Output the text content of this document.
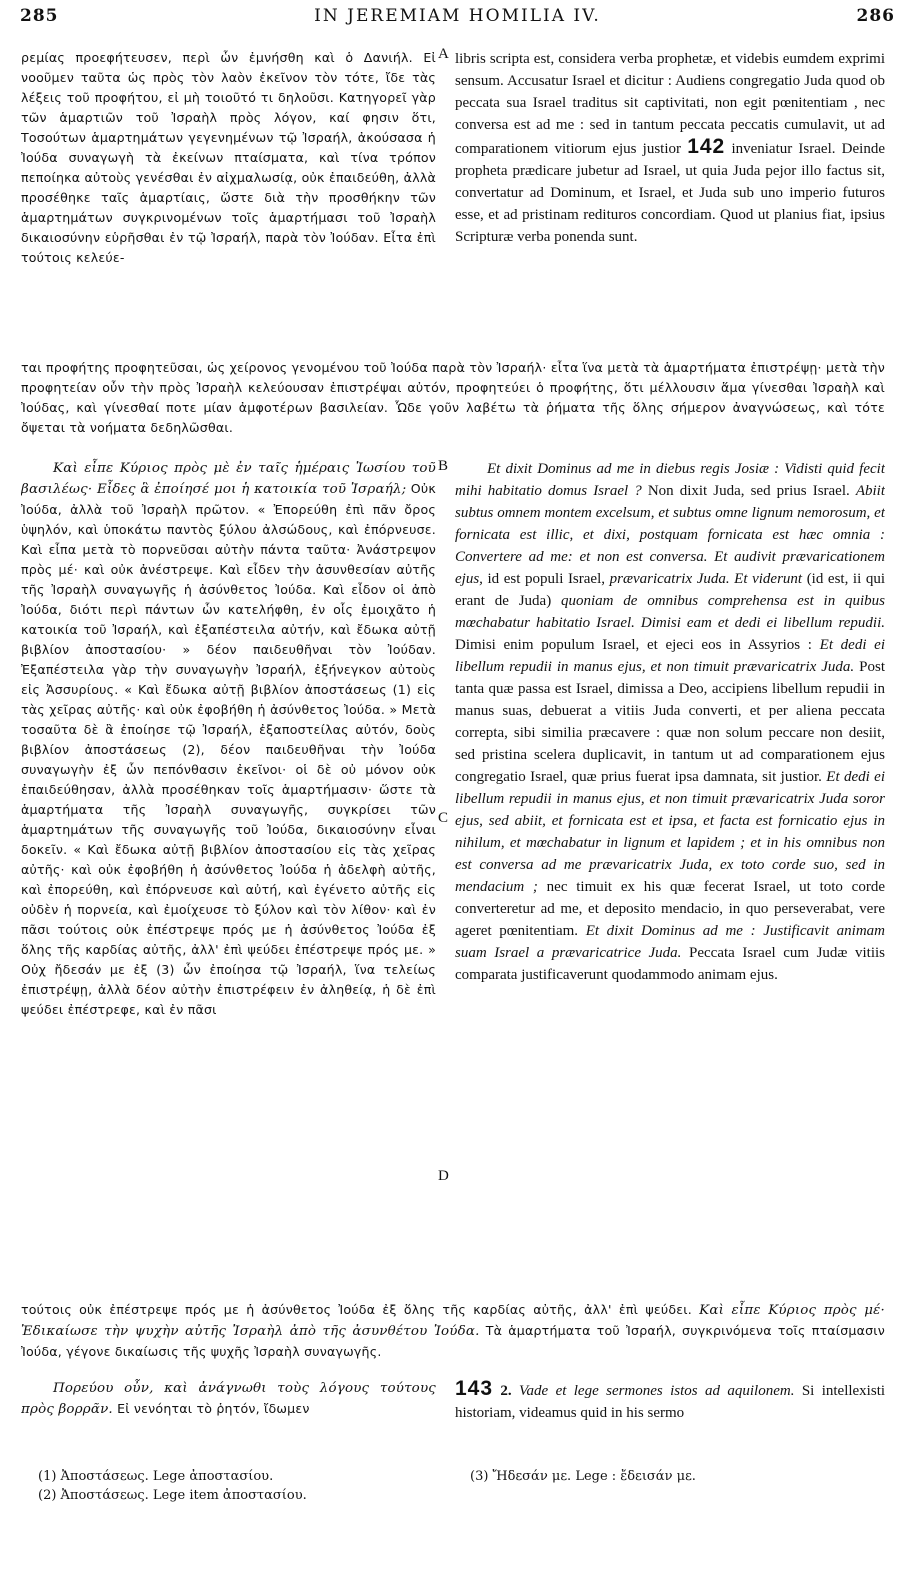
285	IN JEREMIAM HOMILIA IV.	286

ρεμίας προεφήτευσεν, περὶ ὧν ἐμνήσθη καὶ ὁ Δανιήλ. Εἰ νοοῦμεν ταῦτα ὡς πρὸς τὸν λαὸν ἐκεῖνον τὸν τότε, ἴδε τὰς λέξεις τοῦ προφήτου, εἰ μὴ τοιοῦτό τι δηλοῦσι. Κατηγορεῖ γὰρ τῶν ἁμαρτιῶν τοῦ Ἰσραὴλ πρὸς λόγον, καί φησιν ὅτι, Τοσούτων ἁμαρτημάτων γεγενημένων τῷ Ἰσραήλ, ἀκούσασα ἡ Ἰούδα συναγωγὴ τὰ ἐκείνων πταίσματα, καὶ τίνα τρόπον πεποίηκα αὐτοὺς γενέσθαι ἐν αἰχμαλωσίᾳ, οὐκ ἐπαιδεύθη, ἀλλὰ προσέθηκε ταῖς ἁμαρτίαις, ὥστε διὰ τὴν προσθήκην τῶν ἁμαρτημάτων συγκρινομένων τοῖς ἁμαρτήμασι τοῦ Ἰσραὴλ δικαιοσύνην εὑρῆσθαι ἐν τῷ Ἰσραήλ, παρὰ τὸν Ἰούδαν. Εἶτα ἐπὶ τούτοις κελεύε-

A libris scripta est, considera verba prophetæ, et videbis eumdem exprimi sensum. Accusatur Israel et dicitur : Audiens congregatio Juda quod ob peccata sua Israel traditus sit captivitati, non egit pœnitentiam , nec conversa est ad me : sed in tantum peccata peccatis cumulavit, ut ad comparationem vitiorum ejus justior 142 inveniatur Israel. Deinde propheta prædicare jubetur ad Israel, ut quia Juda pejor illo factus sit, convertatur ad Dominum, et Israel, et Juda sub uno imperio futuros esse, et ad pristinam redituros concordiam. Quod ut planius fiat, ipsius Scripturæ verba ponenda sunt.

ται προφήτης προφητεῦσαι, ὡς χείρονος γενομένου τοῦ Ἰούδα παρὰ τὸν Ἰσραήλ· εἶτα ἵνα μετὰ τὰ ἁμαρτήματα ἐπιστρέψῃ· μετὰ τὴν προφητείαν οὖν τὴν πρὸς Ἰσραὴλ κελεύουσαν ἐπιστρέψαι αὐτόν, προφητεύει ὁ προφήτης, ὅτι μέλλουσιν ἅμα γίνεσθαι Ἰσραὴλ καὶ Ἰούδας, καὶ γίνεσθαί ποτε μίαν ἀμφοτέρων βασιλείαν. Ὧδε γοῦν λαβέτω τὰ ῥήματα τῆς ὅλης σήμερον ἀναγνώσεως, καὶ τότε ὄψεται τὰ νοήματα δεδηλῶσθαι.

Καὶ εἶπε Κύριος πρὸς μὲ ἐν ταῖς ἡμέραις Ἰωσίου τοῦ βασιλέως· Εἶδες ἃ ἐποίησέ μοι ἡ κατοικία τοῦ Ἰσραήλ; Οὐκ Ἰούδα, ἀλλὰ τοῦ Ἰσραὴλ πρῶτον. « Ἐπορεύθη ἐπὶ πᾶν ὄρος ὑψηλόν, καὶ ὑποκάτω παντὸς ξύλου ἀλσώδους, καὶ ἐπόρνευσε. Καὶ εἶπα μετὰ τὸ πορνεῦσαι αὐτὴν πάντα ταῦτα· Ἀνάστρεψον πρὸς μέ· καὶ οὐκ ἀνέστρεψε. Καὶ εἶδεν τὴν ἀσυνθεσίαν αὐτῆς τῆς Ἰσραὴλ συναγωγῆς ἡ ἀσύνθετος Ἰούδα. Καὶ εἶδον οἱ ἀπὸ Ἰούδα, διότι περὶ πάντων ὧν κατελήφθη, ἐν οἷς ἐμοιχᾶτο ἡ κατοικία τοῦ Ἰσραήλ, καὶ ἐξαπέστειλα αὐτήν, καὶ ἔδωκα αὐτῇ βιβλίον ἀποστασίου· » δέον παιδευθῆναι τὸν Ἰούδαν. Ἐξαπέστειλα γὰρ τὴν συναγωγὴν Ἰσραήλ, ἐξήνεγκον αὐτοὺς εἰς Ἀσσυρίους. « Καὶ ἔδωκα αὐτῇ βιβλίον ἀποστάσεως (1) εἰς τὰς χεῖρας αὐτῆς· καὶ οὐκ ἐφοβήθη ἡ ἀσύνθετος Ἰούδα. » Μετὰ τοσαῦτα δὲ ἃ ἐποίησε τῷ Ἰσραήλ, ἐξαποστείλας αὐτόν, δοὺς βιβλίον ἀποστάσεως (2), δέον παιδευθῆναι τὴν Ἰούδα συναγωγὴν ἐξ ὧν πεπόνθασιν ἐκεῖνοι· οἱ δὲ οὐ μόνον οὐκ ἐπαιδεύθησαν, ἀλλὰ προσέθηκαν τοῖς ἁμαρτήμασιν· ὥστε τὰ ἁμαρτήματα τῆς Ἰσραὴλ συναγωγῆς, συγκρίσει τῶν ἁμαρτημάτων τῆς συναγωγῆς τοῦ Ἰούδα, δικαιοσύνην εἶναι δοκεῖν. « Καὶ ἔδωκα αὐτῇ βιβλίον ἀποστασίου εἰς τὰς χεῖρας αὐτῆς· καὶ οὐκ ἐφοβήθη ἡ ἀσύνθετος Ἰούδα ἡ ἀδελφὴ αὐτῆς, καὶ ἐπορεύθη, καὶ ἐπόρνευσε καὶ αὐτή, καὶ ἐγένετο αὐτῆς εἰς οὐδὲν ἡ πορνεία, καὶ ἐμοίχευσε τὸ ξύλον καὶ τὸν λίθον· καὶ ἐν πᾶσι τούτοις οὐκ ἐπέστρεψε πρός με ἡ ἀσύνθετος Ἰούδα ἐξ ὅλης τῆς καρδίας αὐτῆς, ἀλλ' ἐπὶ ψεύδει ἐπέστρεψε πρός με. » Οὐχ ἤδεσάν με ἐξ (3) ὧν ἐποίησα τῷ Ἰσραήλ, ἵνα τελείως ἐπιστρέψῃ, ἀλλὰ δέον αὐτὴν ἐπιστρέφειν ἐν ἀληθείᾳ, ἡ δὲ ἐπὶ ψεύδει ἐπέστρεφε, καὶ ἐν πᾶσι

B
C
D

Et dixit Dominus ad me in diebus regis Josiæ : Vidisti quid fecit mihi habitatio domus Israel ? Non dixit Juda, sed prius Israel. Abiit subtus omnem montem excelsum, et subtus omne lignum nemorosum, et fornicata est illic, et dixi, postquam fornicata est hæc omnia : Convertere ad me: et non est conversa. Et audivit prævaricationem ejus, id est populi Israel, prævaricatrix Juda. Et viderunt (id est, ii qui erant de Juda) quoniam de omnibus comprehensa est in quibus mœchabatur habitatio Israel. Dimisi eam et dedi ei libellum repudii. Dimisi enim populum Israel, et ejeci eos in Assyrios : Et dedi ei libellum repudii in manus ejus, et non timuit prævaricatrix Juda. Post tanta quæ passa est Israel, dimissa a Deo, accipiens libellum repudii in manus suas, debuerat a vitiis Juda converti, et per aliena peccata correpta, sibi similia præcavere : quæ non solum peccare non desiit, sed pristina scelera duplicavit, in tantum ut ad comparationem ejus congregatio Israel, quæ prius fuerat ipsa damnata, sit justior. Et dedi ei libellum repudii in manus ejus, et non timuit prævaricatrix Juda soror ejus, sed abiit, et fornicata est et ipsa, et facta est fornicatio ejus in nihilum, et mœchabatur in lignum et lapidem ; et in his omnibus non est conversa ad me prævaricatrix Juda, ex toto corde suo, sed in mendacium ; nec timuit ex his quæ fecerat Israel, ut toto corde converteretur ad me, et deposito mendacio, in quo perseverabat, vere ageret pœnitentiam. Et dixit Dominus ad me : Justificavit animam suam Israel a prævaricatrice Juda. Peccata Israel cum Judæ vitiis comparata justificaverunt quodammodo animam ejus.

τούτοις οὐκ ἐπέστρεψε πρός με ἡ ἀσύνθετος Ἰούδα ἐξ ὅλης τῆς καρδίας αὐτῆς, ἀλλ' ἐπὶ ψεύδει. Καὶ εἶπε Κύριος πρὸς μέ· Ἐδικαίωσε τὴν ψυχὴν αὐτῆς Ἰσραὴλ ἀπὸ τῆς ἀσυνθέτου Ἰούδα. Τὰ ἁμαρτήματα τοῦ Ἰσραήλ, συγκρινόμενα τοῖς πταίσμασιν Ἰούδα, γέγονε δικαίωσις τῆς ψυχῆς Ἰσραὴλ συναγωγῆς.

Πορεύου οὖν, καὶ ἀνάγνωθι τοὺς λόγους τούτους πρὸς βορρᾶν. Εἰ νενόηται τὸ ῥητόν, ἴδωμεν

143 2. Vade et lege sermones istos ad aquilonem. Si intellexisti historiam, videamus quid in his sermo

(1) Ἀποστάσεως. Lege ἀποστασίου.
(2) Ἀποστάσεως. Lege item ἀποστασίου.
(3) Ἤδεσάν με. Lege : ἔδεισάν με.
